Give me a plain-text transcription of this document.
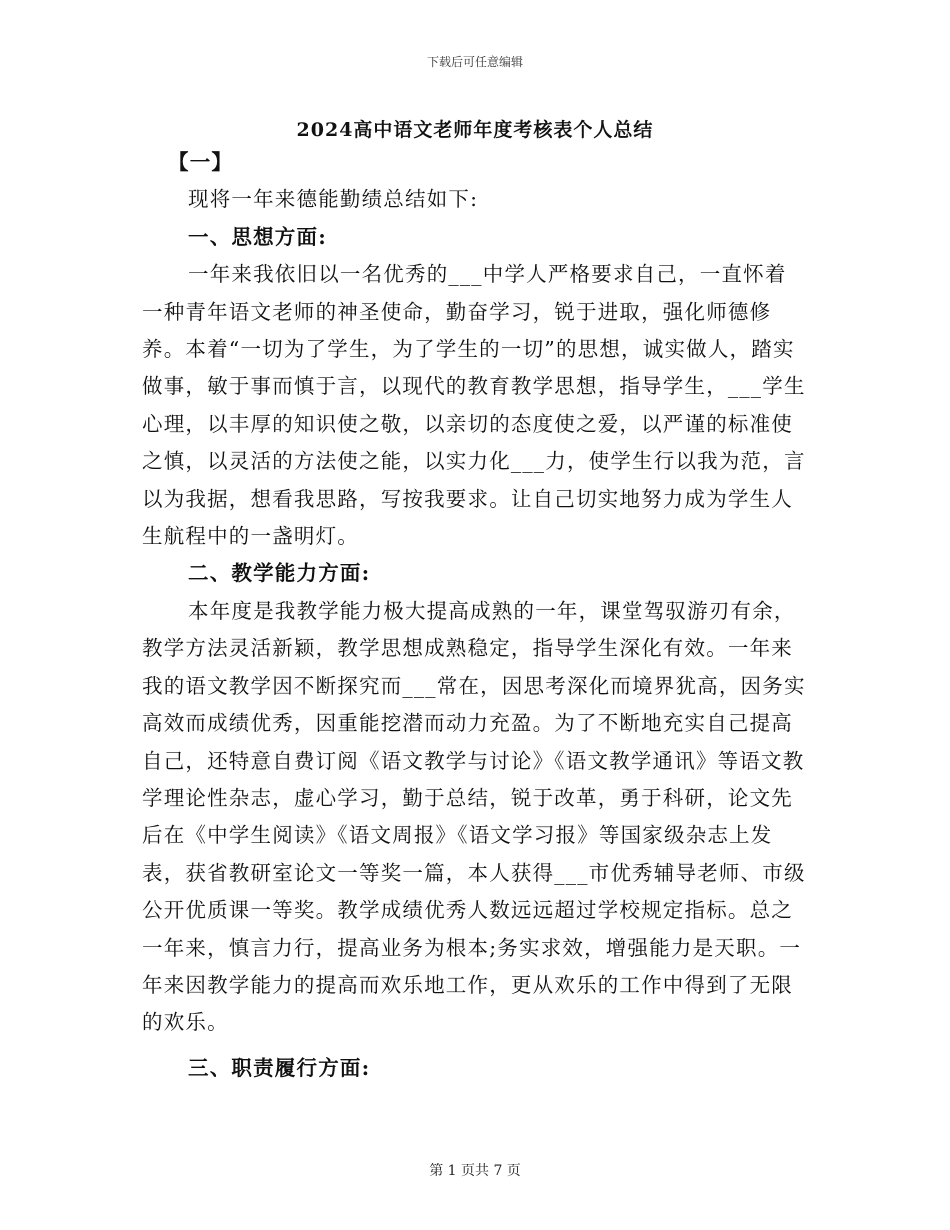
下载后可任意编辑
2024高中语文老师年度考核表个人总结

【一】

现将一年来德能勤绩总结如下:

一、思想方面:

一年来我依旧以一名优秀的___中学人严格要求自己，一直怀着一种青年语文老师的神圣使命，勤奋学习，锐于进取，强化师德修养。本着“一切为了学生，为了学生的一切”的思想，诚实做人，踏实做事，敏于事而慎于言，以现代的教育教学思想，指导学生，___学生心理，以丰厚的知识使之敬，以亲切的态度使之爱，以严谨的标准使之慎，以灵活的方法使之能，以实力化___力，使学生行以我为范，言以为我据，想看我思路，写按我要求。让自己切实地努力成为学生人生航程中的一盏明灯。

二、教学能力方面:

本年度是我教学能力极大提高成熟的一年，课堂驾驭游刃有余，教学方法灵活新颖，教学思想成熟稳定，指导学生深化有效。一年来我的语文教学因不断探究而___常在，因思考深化而境界犹高，因务实高效而成绩优秀，因重能挖潜而动力充盈。为了不断地充实自己提高自己，还特意自费订阅《语文教学与讨论》《语文教学通讯》等语文教学理论性杂志，虚心学习，勤于总结，锐于改革，勇于科研，论文先后在《中学生阅读》《语文周报》《语文学习报》等国家级杂志上发表，获省教研室论文一等奖一篇，本人获得___市优秀辅导老师、市级公开优质课一等奖。教学成绩优秀人数远远超过学校规定指标。总之一年来，慎言力行，提高业务为根本;务实求效，增强能力是天职。一年来因教学能力的提高而欢乐地工作，更从欢乐的工作中得到了无限的欢乐。

三、职责履行方面:

第 1 页共 7 页
